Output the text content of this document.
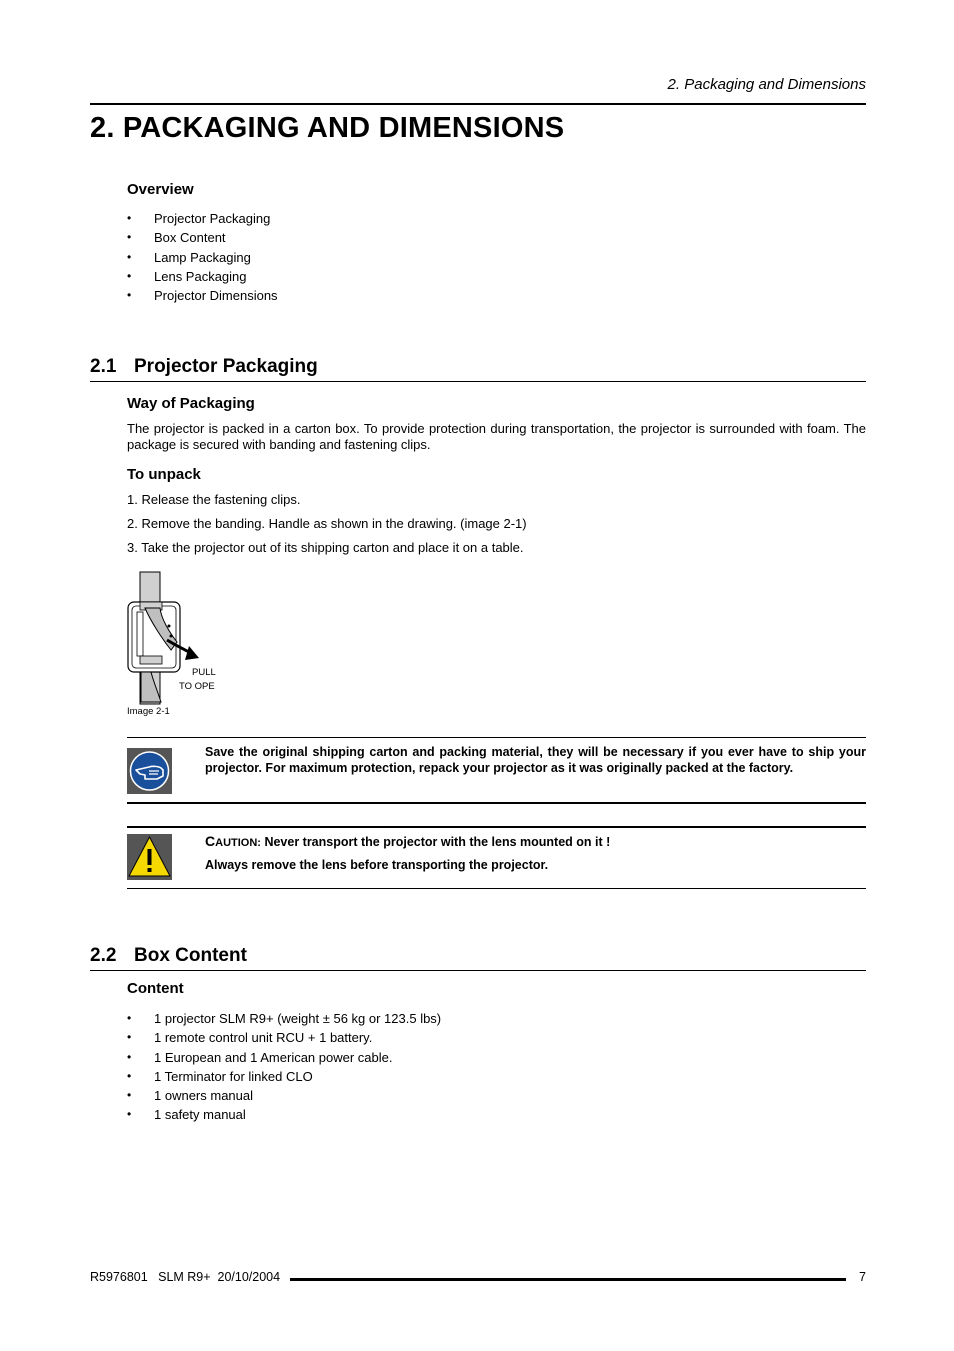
2. Packaging and Dimensions
2. PACKAGING AND DIMENSIONS
Overview
• Projector Packaging
• Box Content
• Lamp Packaging
• Lens Packaging
• Projector Dimensions
2.1 Projector Packaging
Way of Packaging
The projector is packed in a carton box. To provide protection during transportation, the projector is surrounded with foam. The package is secured with banding and fastening clips.
To unpack
1. Release the fastening clips.
2. Remove the banding. Handle as shown in the drawing. (image 2-1)
3. Take the projector out of its shipping carton and place it on a table.
PULL
TO OPE
Image 2-1
Save the original shipping carton and packing material, they will be necessary if you ever have to ship your projector. For maximum protection, repack your projector as it was originally packed at the factory.
CAUTION: Never transport the projector with the lens mounted on it !
Always remove the lens before transporting the projector.
2.2 Box Content
Content
• 1 projector SLM R9+ (weight ± 56 kg or 123.5 lbs)
• 1 remote control unit RCU + 1 battery.
• 1 European and 1 American power cable.
• 1 Terminator for linked CLO
• 1 owners manual
• 1 safety manual
R5976801   SLM R9+  20/10/2004	7
